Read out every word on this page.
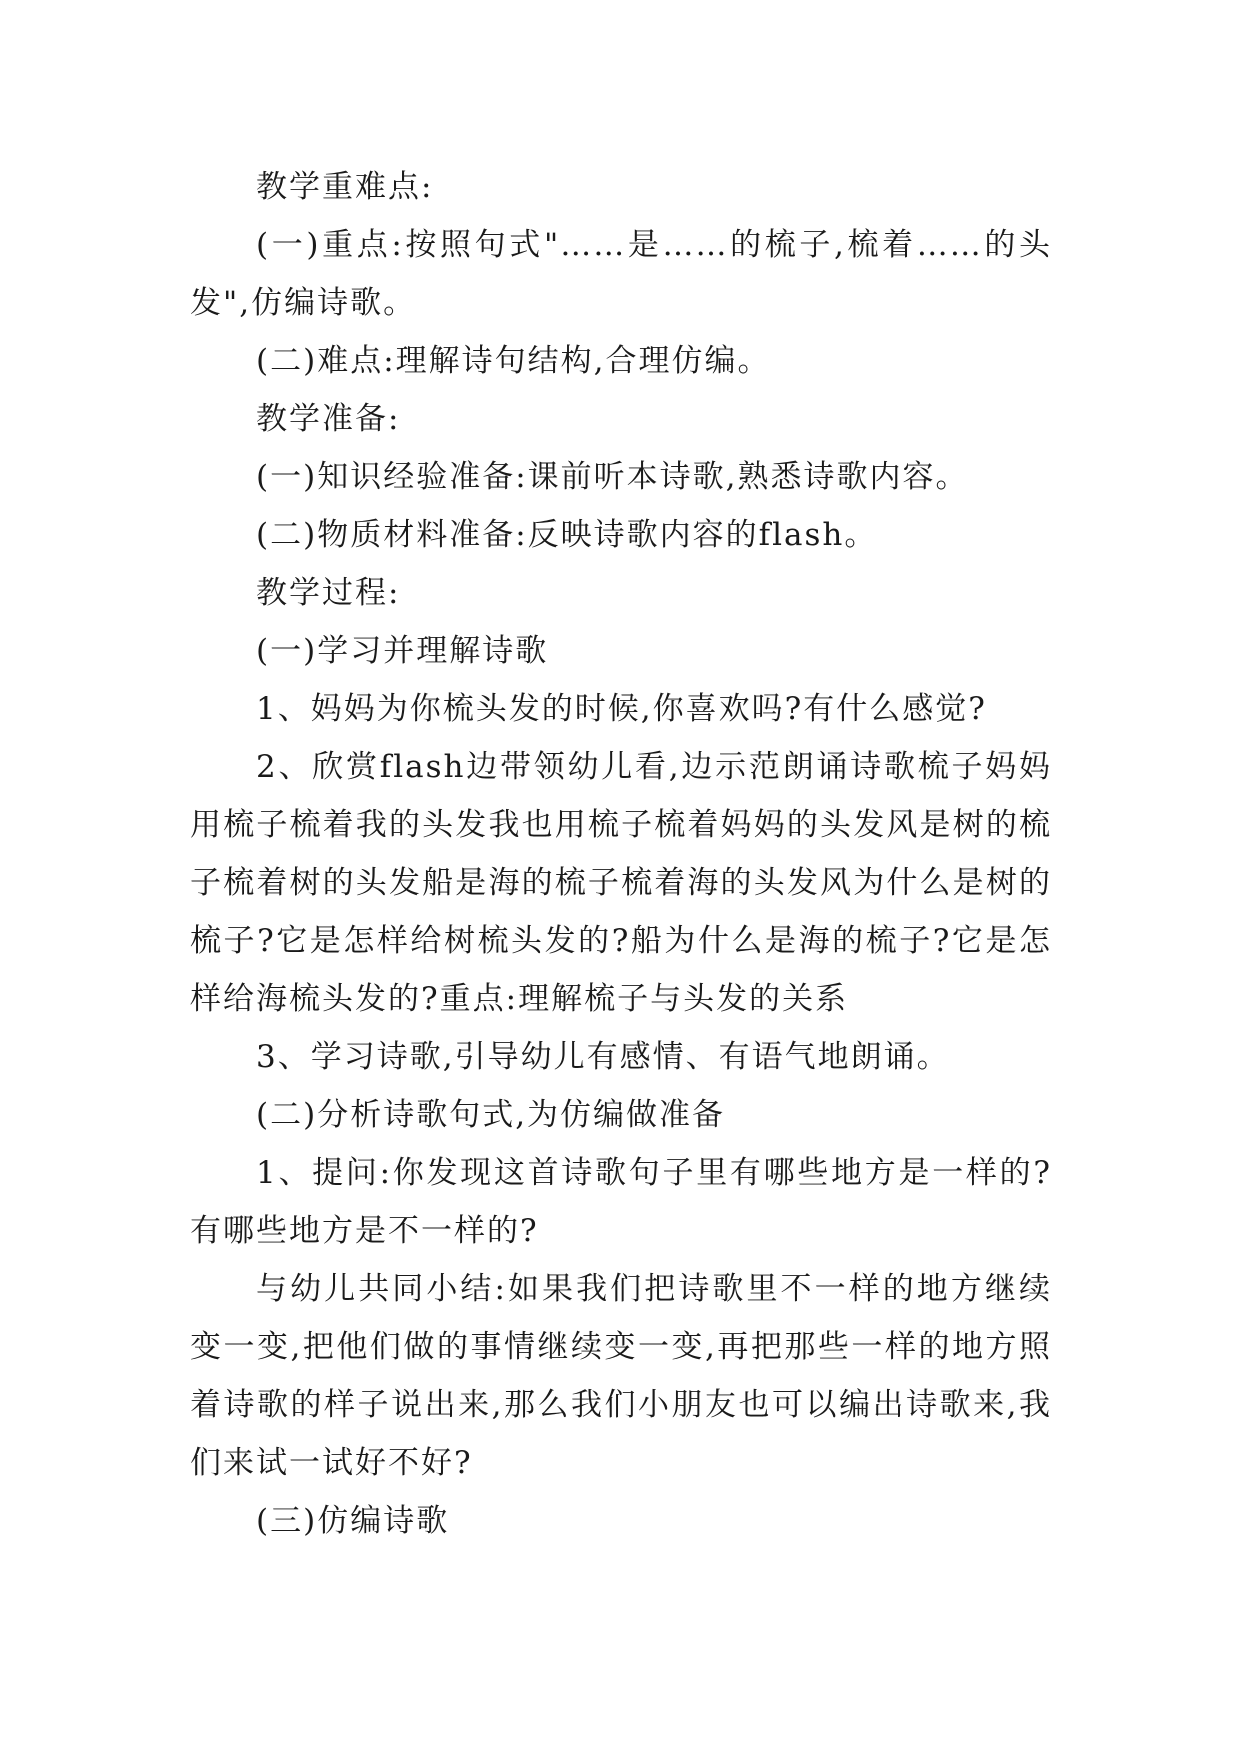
教学重难点:

(一)重点:按照句式"……是……的梳子,梳着……的头发",仿编诗歌。

(二)难点:理解诗句结构,合理仿编。

教学准备:

(一)知识经验准备:课前听本诗歌,熟悉诗歌内容。

(二)物质材料准备:反映诗歌内容的flash。

教学过程:

(一)学习并理解诗歌

1、妈妈为你梳头发的时候,你喜欢吗?有什么感觉?

2、欣赏flash边带领幼儿看,边示范朗诵诗歌梳子妈妈用梳子梳着我的头发我也用梳子梳着妈妈的头发风是树的梳子梳着树的头发船是海的梳子梳着海的头发风为什么是树的梳子?它是怎样给树梳头发的?船为什么是海的梳子?它是怎样给海梳头发的?重点:理解梳子与头发的关系

3、学习诗歌,引导幼儿有感情、有语气地朗诵。

(二)分析诗歌句式,为仿编做准备

1、提问:你发现这首诗歌句子里有哪些地方是一样的?有哪些地方是不一样的?

与幼儿共同小结:如果我们把诗歌里不一样的地方继续变一变,把他们做的事情继续变一变,再把那些一样的地方照着诗歌的样子说出来,那么我们小朋友也可以编出诗歌来,我们来试一试好不好?

(三)仿编诗歌
